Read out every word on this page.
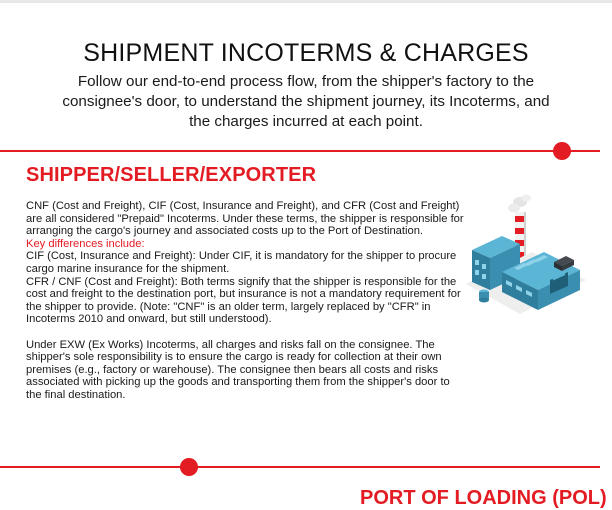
SHIPMENT INCOTERMS & CHARGES

Follow our end-to-end process flow, from the shipper's factory to the consignee's door, to understand the shipment journey, its Incoterms, and the charges incurred at each point.

SHIPPER/SELLER/EXPORTER

CNF (Cost and Freight), CIF (Cost, Insurance and Freight), and CFR (Cost and Freight) are all considered "Prepaid" Incoterms. Under these terms, the shipper is responsible for arranging the cargo's journey and associated costs up to the Port of Destination.

Key differences include:

CIF (Cost, Insurance and Freight): Under CIF, it is mandatory for the shipper to procure cargo marine insurance for the shipment.

CFR / CNF (Cost and Freight): Both terms signify that the shipper is responsible for the cost and freight to the destination port, but insurance is not a mandatory requirement for the shipper to provide. (Note: "CNF" is an older term, largely replaced by "CFR" in Incoterms 2010 and onward, but still understood).

Under EXW (Ex Works) Incoterms, all charges and risks fall on the consignee. The shipper's sole responsibility is to ensure the cargo is ready for collection at their own premises (e.g., factory or warehouse). The consignee then bears all costs and risks associated with picking up the goods and transporting them from the shipper's door to the final destination.

PORT OF LOADING (POL)
